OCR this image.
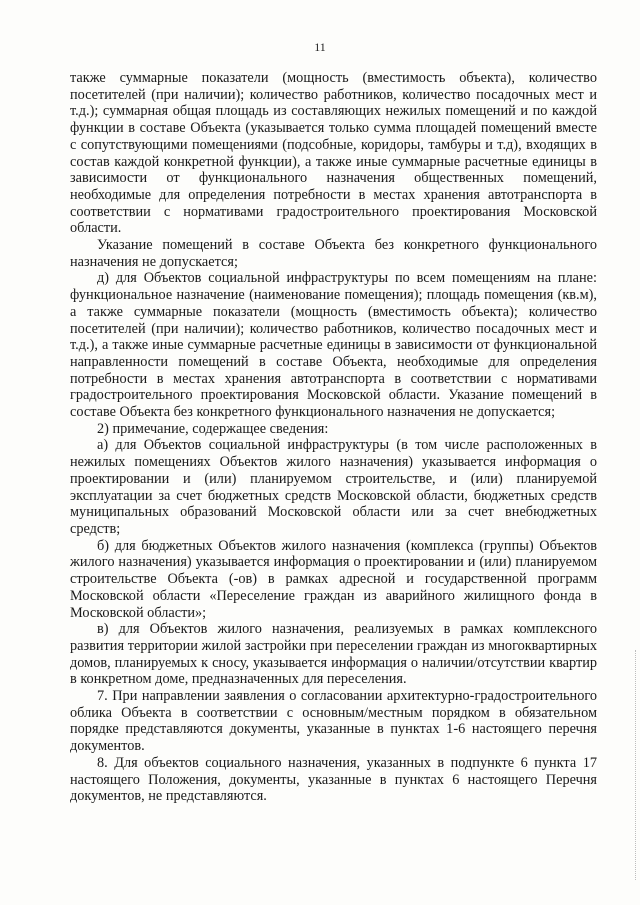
11

также суммарные показатели (мощность (вместимость объекта), количество посетителей (при наличии); количество работников, количество посадочных мест и т.д.); суммарная общая площадь из составляющих нежилых помещений и по каждой функции в составе Объекта (указывается только сумма площадей помещений вместе с сопутствующими помещениями (подсобные, коридоры, тамбуры и т.д), входящих в состав каждой конкретной функции), а также иные суммарные расчетные единицы в зависимости от функционального назначения общественных помещений, необходимые для определения потребности в местах хранения автотранспорта в соответствии с нормативами градостроительного проектирования Московской области.

Указание помещений в составе Объекта без конкретного функционального назначения не допускается;

д) для Объектов социальной инфраструктуры по всем помещениям на плане: функциональное назначение (наименование помещения); площадь помещения (кв.м), а также суммарные показатели (мощность (вместимость объекта); количество посетителей (при наличии); количество работников, количество посадочных мест и т.д.), а также иные суммарные расчетные единицы в зависимости от функциональной направленности помещений в составе Объекта, необходимые для определения потребности в местах хранения автотранспорта в соответствии с нормативами градостроительного проектирования Московской области. Указание помещений в составе Объекта без конкретного функционального назначения не допускается;

2) примечание, содержащее сведения:

а) для Объектов социальной инфраструктуры (в том числе расположенных в нежилых помещениях Объектов жилого назначения) указывается информация о проектировании и (или) планируемом строительстве, и (или) планируемой эксплуатации за счет бюджетных средств Московской области, бюджетных средств муниципальных образований Московской области или за счет внебюджетных средств;

б) для бюджетных Объектов жилого назначения (комплекса (группы) Объектов жилого назначения) указывается информация о проектировании и (или) планируемом строительстве Объекта (-ов) в рамках адресной и государственной программ Московской области «Переселение граждан из аварийного жилищного фонда в Московской области»;

в) для Объектов жилого назначения, реализуемых в рамках комплексного развития территории жилой застройки при переселении граждан из многоквартирных домов, планируемых к сносу, указывается информация о наличии/отсутствии квартир в конкретном доме, предназначенных для переселения.

7. При направлении заявления о согласовании архитектурно-градостроительного облика Объекта в соответствии с основным/местным порядком в обязательном порядке представляются документы, указанные в пунктах 1-6 настоящего перечня документов.

8. Для объектов социального назначения, указанных в подпункте 6 пункта 17 настоящего Положения, документы, указанные в пунктах 6 настоящего Перечня документов, не представляются.
